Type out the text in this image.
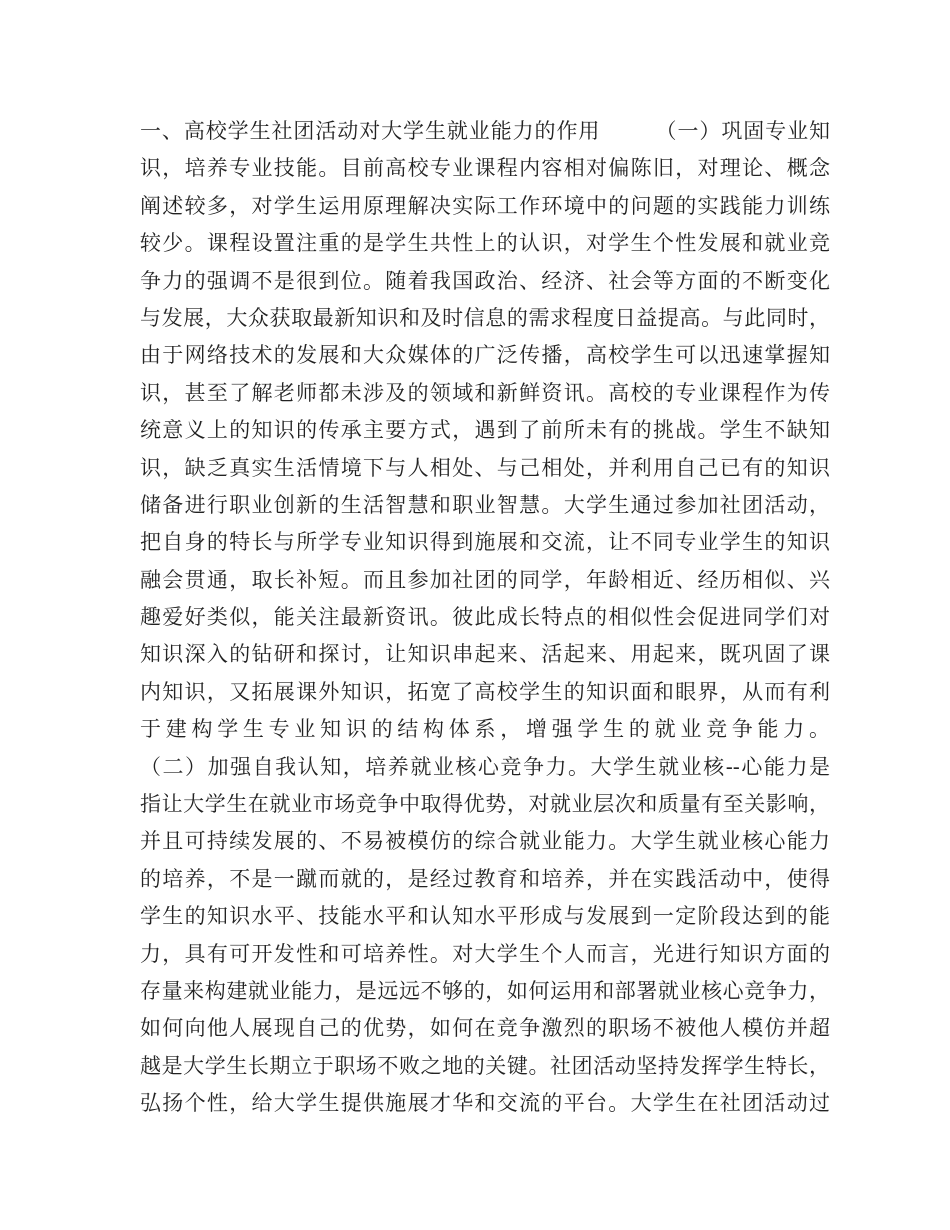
一、高校学生社团活动对大学生就业能力的作用　　　（一）巩固专业知
识，培养专业技能。目前高校专业课程内容相对偏陈旧，对理论、概念
阐述较多，对学生运用原理解决实际工作环境中的问题的实践能力训练
较少。课程设置注重的是学生共性上的认识，对学生个性发展和就业竞
争力的强调不是很到位。随着我国政治、经济、社会等方面的不断变化
与发展，大众获取最新知识和及时信息的需求程度日益提高。与此同时，
由于网络技术的发展和大众媒体的广泛传播，高校学生可以迅速掌握知
识，甚至了解老师都未涉及的领域和新鲜资讯。高校的专业课程作为传
统意义上的知识的传承主要方式，遇到了前所未有的挑战。学生不缺知
识，缺乏真实生活情境下与人相处、与己相处，并利用自己已有的知识
储备进行职业创新的生活智慧和职业智慧。大学生通过参加社团活动，
把自身的特长与所学专业知识得到施展和交流，让不同专业学生的知识
融会贯通，取长补短。而且参加社团的同学，年龄相近、经历相似、兴
趣爱好类似，能关注最新资讯。彼此成长特点的相似性会促进同学们对
知识深入的钻研和探讨，让知识串起来、活起来、用起来，既巩固了课
内知识，又拓展课外知识，拓宽了高校学生的知识面和眼界，从而有利
于建构学生专业知识的结构体系，增强学生的就业竞争能力。
（二）加强自我认知，培养就业核心竞争力。大学生就业核--心能力是
指让大学生在就业市场竞争中取得优势，对就业层次和质量有至关影响，
并且可持续发展的、不易被模仿的综合就业能力。大学生就业核心能力
的培养，不是一蹴而就的，是经过教育和培养，并在实践活动中，使得
学生的知识水平、技能水平和认知水平形成与发展到一定阶段达到的能
力，具有可开发性和可培养性。对大学生个人而言，光进行知识方面的
存量来构建就业能力，是远远不够的，如何运用和部署就业核心竞争力，
如何向他人展现自己的优势，如何在竞争激烈的职场不被他人模仿并超
越是大学生长期立于职场不败之地的关键。社团活动坚持发挥学生特长，
弘扬个性，给大学生提供施展才华和交流的平台。大学生在社团活动过
